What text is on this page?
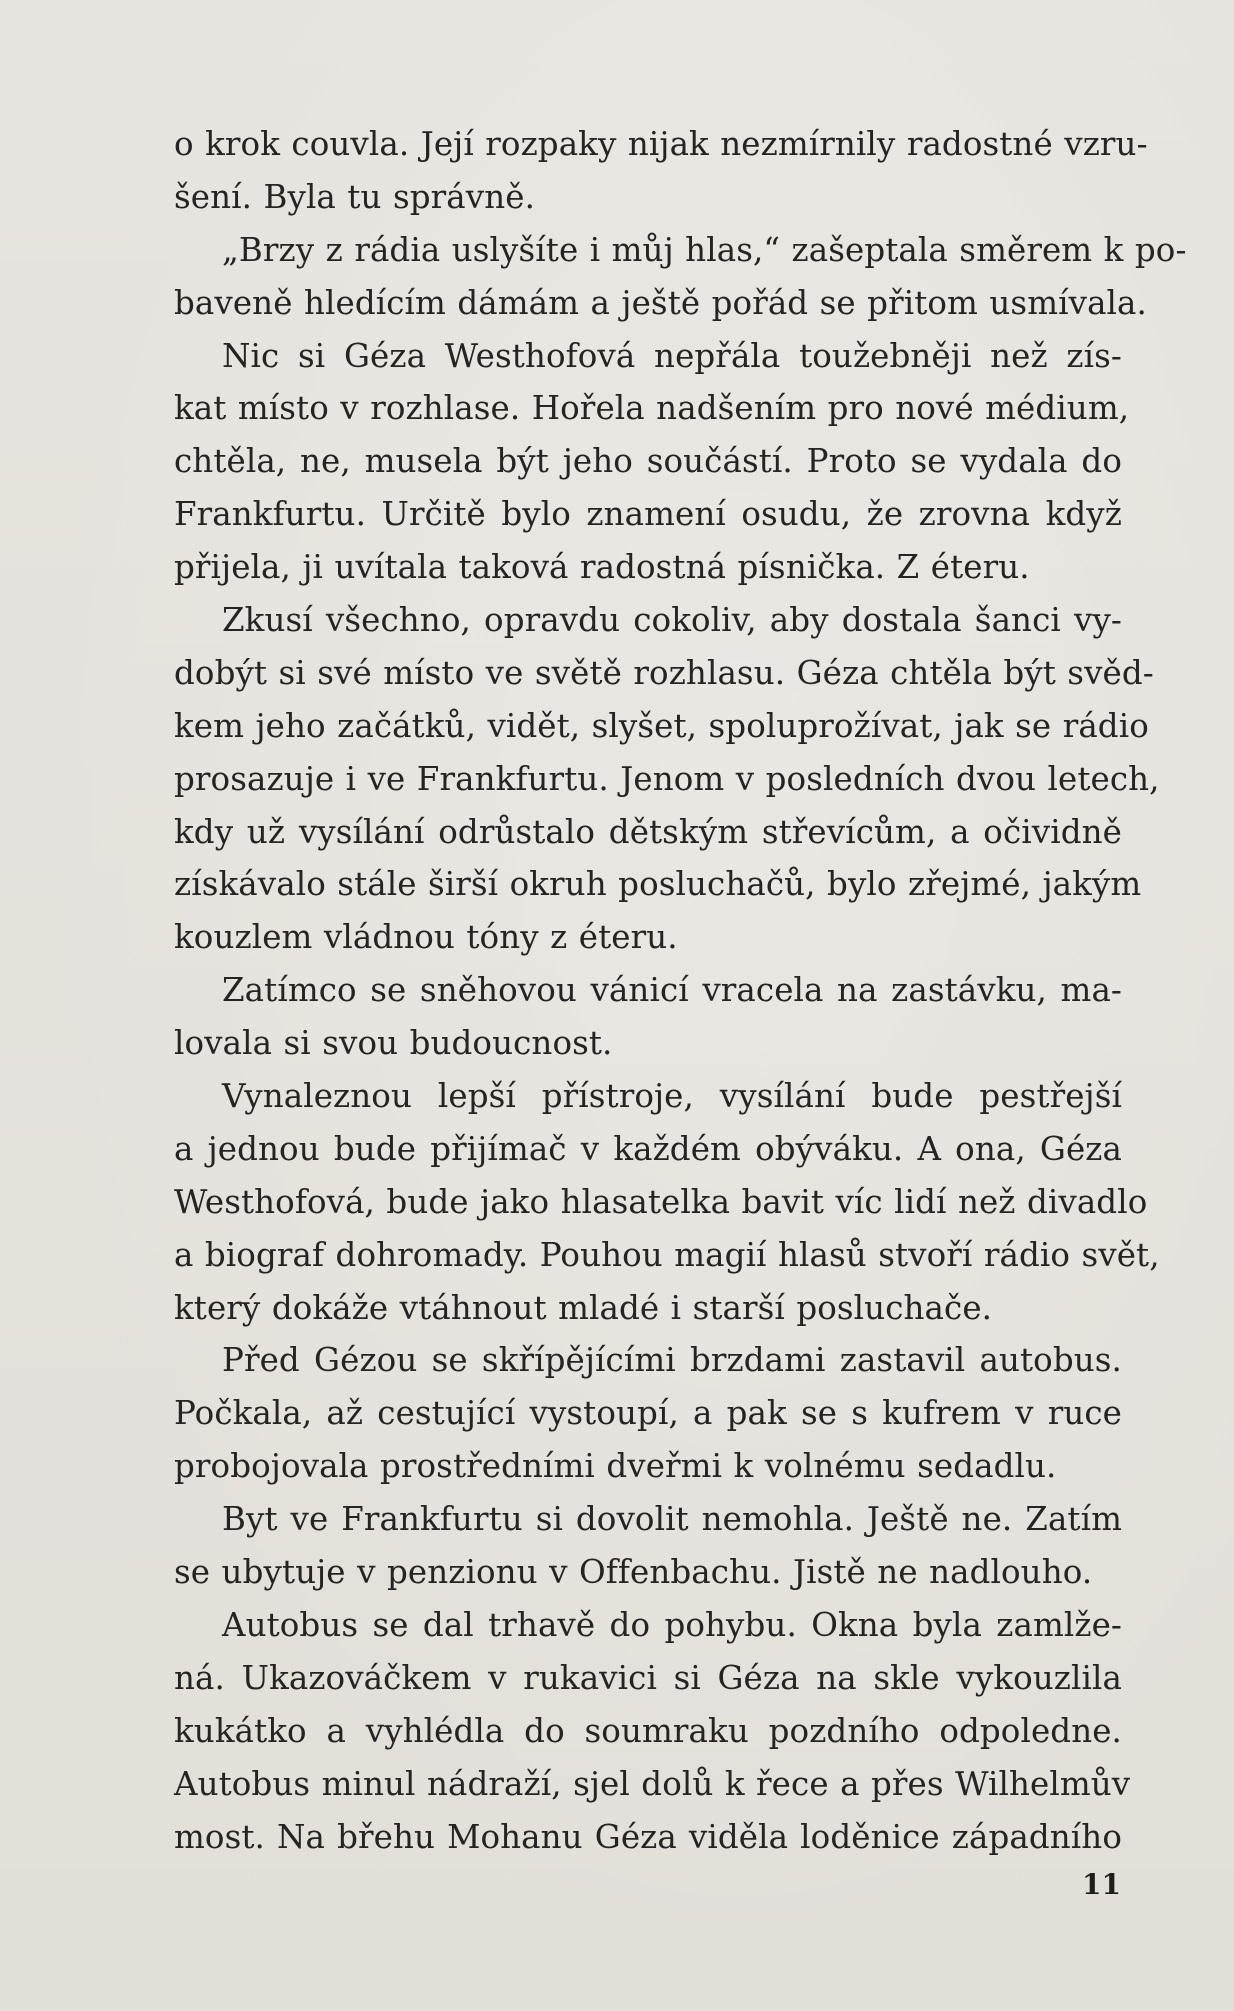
o krok couvla. Její rozpaky nijak nezmírnily radostné vzru-
šení. Byla tu správně.
„Brzy z rádia uslyšíte i můj hlas,“ zašeptala směrem k po-
baveně hledícím dámám a ještě pořád se přitom usmívala.
Nic si Géza Westhofová nepřála toužebněji než zís-
kat místo v rozhlase. Hořela nadšením pro nové médium,
chtěla, ne, musela být jeho součástí. Proto se vydala do
Frankfurtu. Určitě bylo znamení osudu, že zrovna když
přijela, ji uvítala taková radostná písnička. Z éteru.
Zkusí všechno, opravdu cokoliv, aby dostala šanci vy-
dobýt si své místo ve světě rozhlasu. Géza chtěla být svěd-
kem jeho začátků, vidět, slyšet, spoluprožívat, jak se rádio
prosazuje i ve Frankfurtu. Jenom v posledních dvou letech,
kdy už vysílání odrůstalo dětským střevícům, a očividně
získávalo stále širší okruh posluchačů, bylo zřejmé, jakým
kouzlem vládnou tóny z éteru.
Zatímco se sněhovou vánicí vracela na zastávku, ma-
lovala si svou budoucnost.
Vynaleznou lepší přístroje, vysílání bude pestřejší
a jednou bude přijímač v každém obýváku. A ona, Géza
Westhofová, bude jako hlasatelka bavit víc lidí než divadlo
a biograf dohromady. Pouhou magií hlasů stvoří rádio svět,
který dokáže vtáhnout mladé i starší posluchače.
Před Gézou se skřípějícími brzdami zastavil autobus.
Počkala, až cestující vystoupí, a pak se s kufrem v ruce
probojovala prostředními dveřmi k volnému sedadlu.
Byt ve Frankfurtu si dovolit nemohla. Ještě ne. Zatím
se ubytuje v penzionu v Offenbachu. Jistě ne nadlouho.
Autobus se dal trhavě do pohybu. Okna byla zamlže-
ná. Ukazováčkem v rukavici si Géza na skle vykouzlila
kukátko a vyhlédla do soumraku pozdního odpoledne.
Autobus minul nádraží, sjel dolů k řece a přes Wilhelmův
most. Na břehu Mohanu Géza viděla loděnice západního
11
